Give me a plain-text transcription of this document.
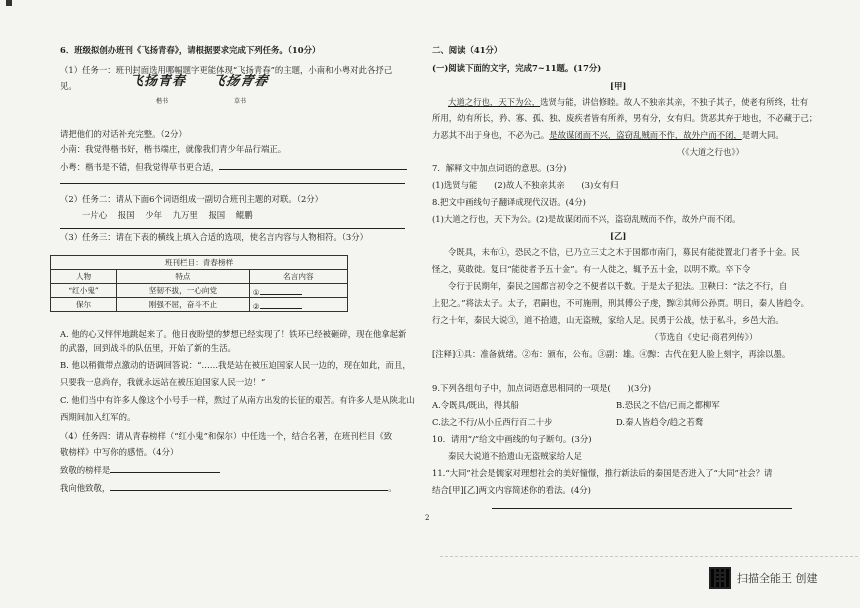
6．班级拟创办班刊《飞扬青春》，请根据要求完成下列任务。（10分）
（1）任务一：班刊封面选用哪幅题字更能体现“飞扬青春”的主题，小南和小粤对此各抒己
见。	飞扬青春 飞扬青春
楷书	草书
请把他们的对话补充完整。（2分）
小南：我觉得楷书好，楷书端庄，就像我们青少年品行端正。
小粤：楷书是不错，但我觉得草书更合适，
（2）任务二：请从下面6个词语组成一副切合班刊主题的对联。（2分）
一片心 报国 少年 九万里 报国 鲲鹏
（3）任务三：请在下表的横线上填入合适的选项，使名言内容与人物相符。（3分）
班刊栏目：青春榜样		
人物	特点	名言内容
“红小鬼”	坚韧不拔，一心向党	①
保尔	刚强不屈，奋斗不止	②
A. 他的心又怦怦地跳起来了。他日夜盼望的梦想已经实现了！铁环已经被砸碎，现在他拿起新
的武器，回到战斗的队伍里，开始了新的生活。
B. 他以稍微带点激动的语调回答说：“……我是站在被压迫国家人民一边的，现在如此，而且，
只要我一息尚存，我就永远站在被压迫国家人民一边！”
C. 他们当中有许多人像这个小号手一样，熬过了从南方出发的长征的艰苦。有许多人是从陕北山
西期间加入红军的。
（4）任务四：请从青春榜样（“红小鬼”和保尔）中任选一个，结合名著，在班刊栏目《致
敬榜样》中写你的感悟。（4分）
致敬的榜样是
我向他致敬，	。
二、阅读（41分）
(一)阅读下面的文字，完成7~11题。(17分)
[甲]
大道之行也，天下为公，选贤与能，讲信修睦。故人不独亲其亲，不独子其子，使老有所终，壮有
所用，幼有所长，矜、寡、孤、独、废疾者皆有所养，男有分，女有归。货恶其弃于地也，不必藏于己；
力恶其不出于身也，不必为己。是故谋闭而不兴，盗窃乱贼而不作，故外户而不闭，是谓大同。
（《大道之行也》）
7．解释文中加点词语的意思。(3分)
(1)选贤与能　　(2)故人不独亲其亲　　(3)女有归
8.把文中画线句子翻译成现代汉语。(4分)
(1)大道之行也，天下为公。(2)是故谋闭而不兴，盗窃乱贼而不作，故外户而不闭。
[乙]
令既具，未布①，恐民之不信，已乃立三丈之木于国都市南门，募民有能徙置北门者予十金。民
怪之，莫敢徙。复曰“能徙者予五十金”。有一人徙之，辄予五十金，以明不欺。卒下令
令行于民期年，秦民之国都言初令之不便者以千数。于是太子犯法。卫鞅曰：“法之不行，自
上犯之。”将法太子。太子，君嗣也，不可施刑，刑其傅公子虔，黥②其师公孙贾。明日，秦人皆趋令。
行之十年，秦民大说③，道不拾遗，山无盗贼，家给人足。民勇于公战，怯于私斗，乡邑大治。
（节选自《史记·商君列传》）
[注释]①具：准备就绪。②布：颁布，公布。③副：雄。④黥：古代在犯人脸上刻字，再涂以墨。
9.下列各组句子中，加点词语意思相同的一项是(　　)(3分)
A.令既具/既出，得其船	B.恐民之不信/已而之都柳军
C.法之不行/从小丘西行百二十步	D.秦人皆趋令/趋之若鹜
10．请用“/”给文中画线的句子断句。(3分)
秦民大说道不拾遗山无盗贼家给人足
11.“大同”社会是儒家对理想社会的美好憧憬，推行新法后的秦国是否进入了“大同”社会？请
结合[甲][乙]两文内容简述你的看法。(4分)
2
扫描全能王 创建
